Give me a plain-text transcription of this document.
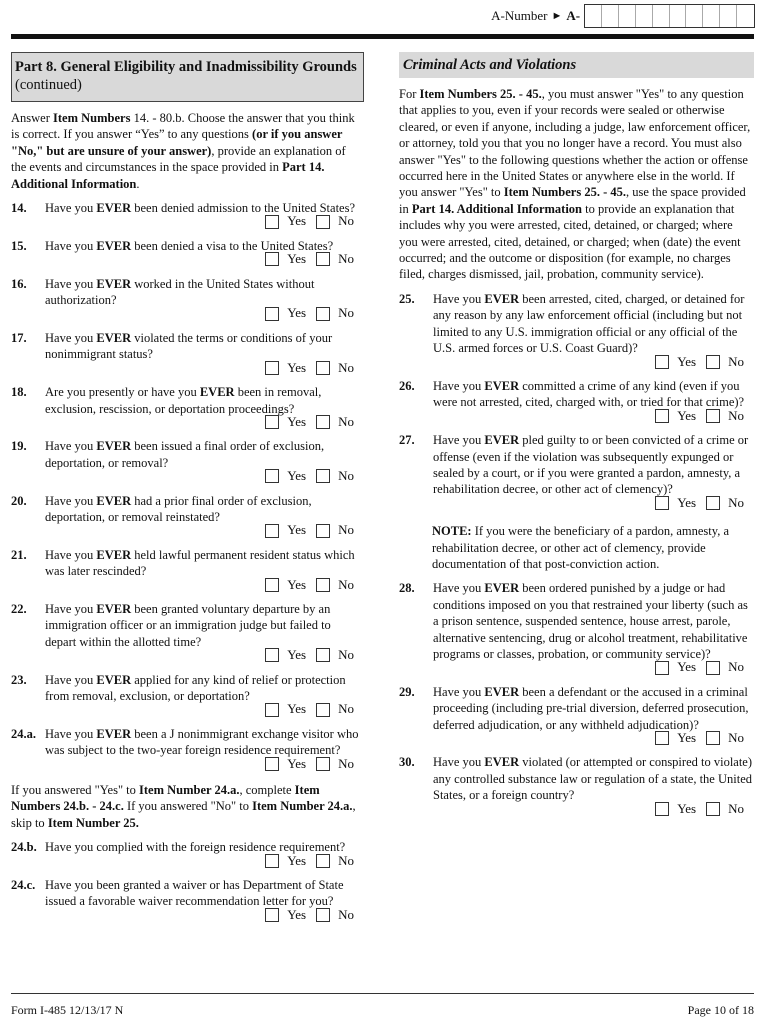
A-Number ► A-
Part 8. General Eligibility and Inadmissibility Grounds (continued)
Answer Item Numbers 14. - 80.b. Choose the answer that you think is correct. If you answer “Yes” to any questions (or if you answer "No," but are unsure of your answer), provide an explanation of the events and circumstances in the space provided in Part 14. Additional Information.
14.	Have you EVER been denied admission to the United States?
Yes No
15.	Have you EVER been denied a visa to the United States?
Yes No
16.	Have you EVER worked in the United States without authorization?
Yes No
17.	Have you EVER violated the terms or conditions of your nonimmigrant status?
Yes No
18.	Are you presently or have you EVER been in removal, exclusion, rescission, or deportation proceedings?
Yes No
19.	Have you EVER been issued a final order of exclusion, deportation, or removal?
Yes No
20.	Have you EVER had a prior final order of exclusion, deportation, or removal reinstated?
Yes No
21.	Have you EVER held lawful permanent resident status which was later rescinded?
Yes No
22.	Have you EVER been granted voluntary departure by an immigration officer or an immigration judge but failed to depart within the allotted time?
Yes No
23.	Have you EVER applied for any kind of relief or protection from removal, exclusion, or deportation?
Yes No
24.a. Have you EVER been a J nonimmigrant exchange visitor who was subject to the two-year foreign residence requirement?
Yes No
If you answered "Yes" to Item Number 24.a., complete Item Numbers 24.b. - 24.c. If you answered "No" to Item Number 24.a., skip to Item Number 25.
24.b. Have you complied with the foreign residence requirement?
Yes No
24.c. Have you been granted a waiver or has Department of State issued a favorable waiver recommendation letter for you?
Yes No
Criminal Acts and Violations
For Item Numbers 25. - 45., you must answer "Yes" to any question that applies to you, even if your records were sealed or otherwise cleared, or even if anyone, including a judge, law enforcement officer, or attorney, told you that you no longer have a record. You must also answer "Yes" to the following questions whether the action or offense occurred here in the United States or anywhere else in the world. If you answer "Yes" to Item Numbers 25. - 45., use the space provided in Part 14. Additional Information to provide an explanation that includes why you were arrested, cited, detained, or charged; where you were arrested, cited, detained, or charged; when (date) the event occurred; and the outcome or disposition (for example, no charges filed, charges dismissed, jail, probation, community service).
25.	Have you EVER been arrested, cited, charged, or detained for any reason by any law enforcement official (including but not limited to any U.S. immigration official or any official of the U.S. armed forces or U.S. Coast Guard)?
Yes No
26.	Have you EVER committed a crime of any kind (even if you were not arrested, cited, charged with, or tried for that crime)?
Yes No
27.	Have you EVER pled guilty to or been convicted of a crime or offense (even if the violation was subsequently expunged or sealed by a court, or if you were granted a pardon, amnesty, a rehabilitation decree, or other act of clemency)?
Yes No
NOTE: If you were the beneficiary of a pardon, amnesty, a rehabilitation decree, or other act of clemency, provide documentation of that post-conviction action.
28.	Have you EVER been ordered punished by a judge or had conditions imposed on you that restrained your liberty (such as a prison sentence, suspended sentence, house arrest, parole, alternative sentencing, drug or alcohol treatment, rehabilitative programs or classes, probation, or community service)?
Yes No
29.	Have you EVER been a defendant or the accused in a criminal proceeding (including pre-trial diversion, deferred prosecution, deferred adjudication, or any withheld adjudication)?
Yes No
30.	Have you EVER violated (or attempted or conspired to violate) any controlled substance law or regulation of a state, the United States, or a foreign country?
Yes No
Form I-485 12/13/17 N	Page 10 of 18
